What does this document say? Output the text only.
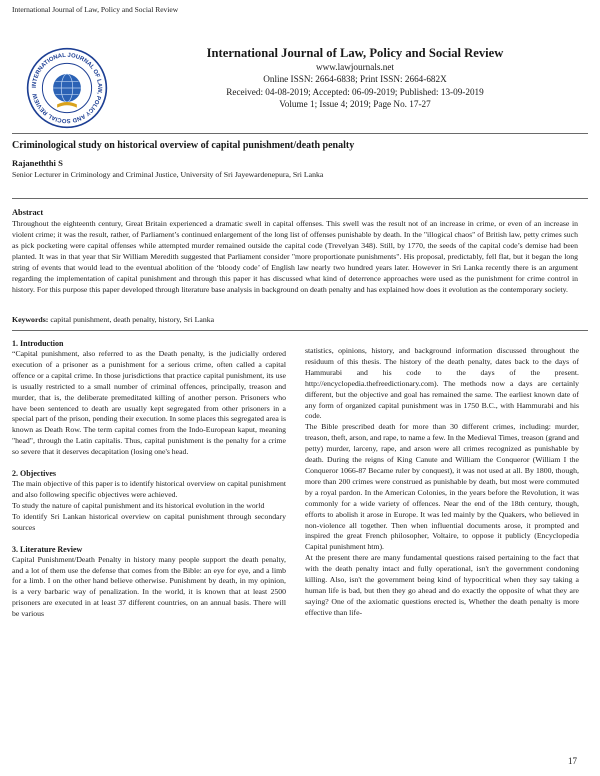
International Journal of Law, Policy and Social Review
INTERNATIONAL JOURNAL OF LAW, POLICY AND SOCIAL REVIEW
International Journal of Law, Policy and Social Review
www.lawjournals.net
Online ISSN: 2664-6838; Print ISSN: 2664-682X
Received: 04-08-2019; Accepted: 06-09-2019; Published: 13-09-2019
Volume 1; Issue 4; 2019; Page No. 17-27
Criminological study on historical overview of capital punishment/death penalty
Rajaneththi S
Senior Lecturer in Criminology and Criminal Justice, University of Sri Jayewardenepura, Sri Lanka
Abstract
Throughout the eighteenth century, Great Britain experienced a dramatic swell in capital offenses. This swell was the result not of an increase in crime, or even of an increase in violent crime; it was the result, rather, of Parliament’s continued enlargement of the long list of offenses punishable by death. In the "illogical chaos" of British law, petty crimes such as pick pocketing were capital offenses while attempted murder remained outside the capital code (Trevelyan 348). Still, by 1770, the seeds of the capital code’s demise had been planted. It was in that year that Sir William Meredith suggested that Parliament consider "more proportionate punishments". His proposal, predictably, fell flat, but it began the long string of events that would lead to the eventual abolition of the ‘bloody code’ of English law nearly two hundred years later. However in Sri Lanka recently there is an argument regarding the implementation of capital punishment and through this paper it has discussed what kind of deterrence approaches were used as the punishment for crime control in history. For this purpose this paper developed through literature base analysis in background on death penalty and has explained how does it evolution as the contemporary society.
Keywords: capital punishment, death penalty, history, Sri Lanka
1. Introduction

“Capital punishment, also referred to as the Death penalty, is the judicially ordered execution of a prisoner as a punishment for a serious crime, often called a capital offence or a capital crime. In those jurisdictions that practice capital punishment, its use is usually restricted to a small number of criminal offences, principally, treason and murder, that is, the deliberate premeditated killing of another person. Prisoners who have been sentenced to death are usually kept segregated from other prisoners in a special part of the prison, pending their execution. In some places this segregated area is known as Death Row. The term capital comes from the Indo-European kaput, meaning "head", through the Latin capitalis. Thus, capital punishment is the penalty for a crime so severe that it deserves decapitation (losing one's head.

2. Objectives

The main objective of this paper is to identify historical overview on capital punishment and also following specific objectives were achieved.

To study the nature of capital punishment and its historical evolution in the world

To identify Sri Lankan historical overview on capital punishment through secondary sources

3. Literature Review

Capital Punishment/Death Penalty in history many people support the death penalty, and a lot of them use the defense that comes from the Bible: an eye for eye, and a limb for a limb. I on the other hand believe otherwise. Punishment by death, in my opinion, is a very barbaric way of penalization. In the world, it is known that at least 2500 prisoners are executed in at least 37 different countries, on an annual basis. There will be various

statistics, opinions, history, and background information discussed throughout the residuum of this thesis. The history of the death penalty, dates back to the days of Hammurabi and his code to the days of the present. http://encyclopedia.thefreedictionary.com). The methods now a days are certainly different, but the objective and goal has remained the same. The earliest known date of any form of organized capital punishment was in 1750 B.C., with Hammurabi and his code.

The Bible prescribed death for more than 30 different crimes, including: murder, treason, theft, arson, and rape, to name a few. In the Medieval Times, treason (grand and petty) murder, larceny, rape, and arson were all crimes recognized as punishable by death. During the reigns of King Canute and William the Conqueror (William I the Conqueror 1066-87 Became ruler by conquest), it was not used at all. By 1800, though, more than 200 crimes were construed as punishable by death, but most were commuted by a royal pardon. In the American Colonies, in the years before the Revolution, it was commonly for a wide variety of offences. Near the end of the 18th century, though, efforts to abolish it arose in Europe. It was led mainly by the Quakers, who believed in non-violence all together. Then when influential documents arose, it prompted and inspired the great French philosopher, Voltaire, to oppose it publicly (Encyclopedia Capital punishment htm).

At the present there are many fundamental questions raised pertaining to the fact that with the death penalty intact and fully operational, isn't the government condoning killing. Also, isn't the government being kind of hypocritical when they say taking a human life is bad, but then they go ahead and do exactly the opposite of what they are saying? One of the axiomatic questions erected is, Whether the death penalty is more effective than life-

17
